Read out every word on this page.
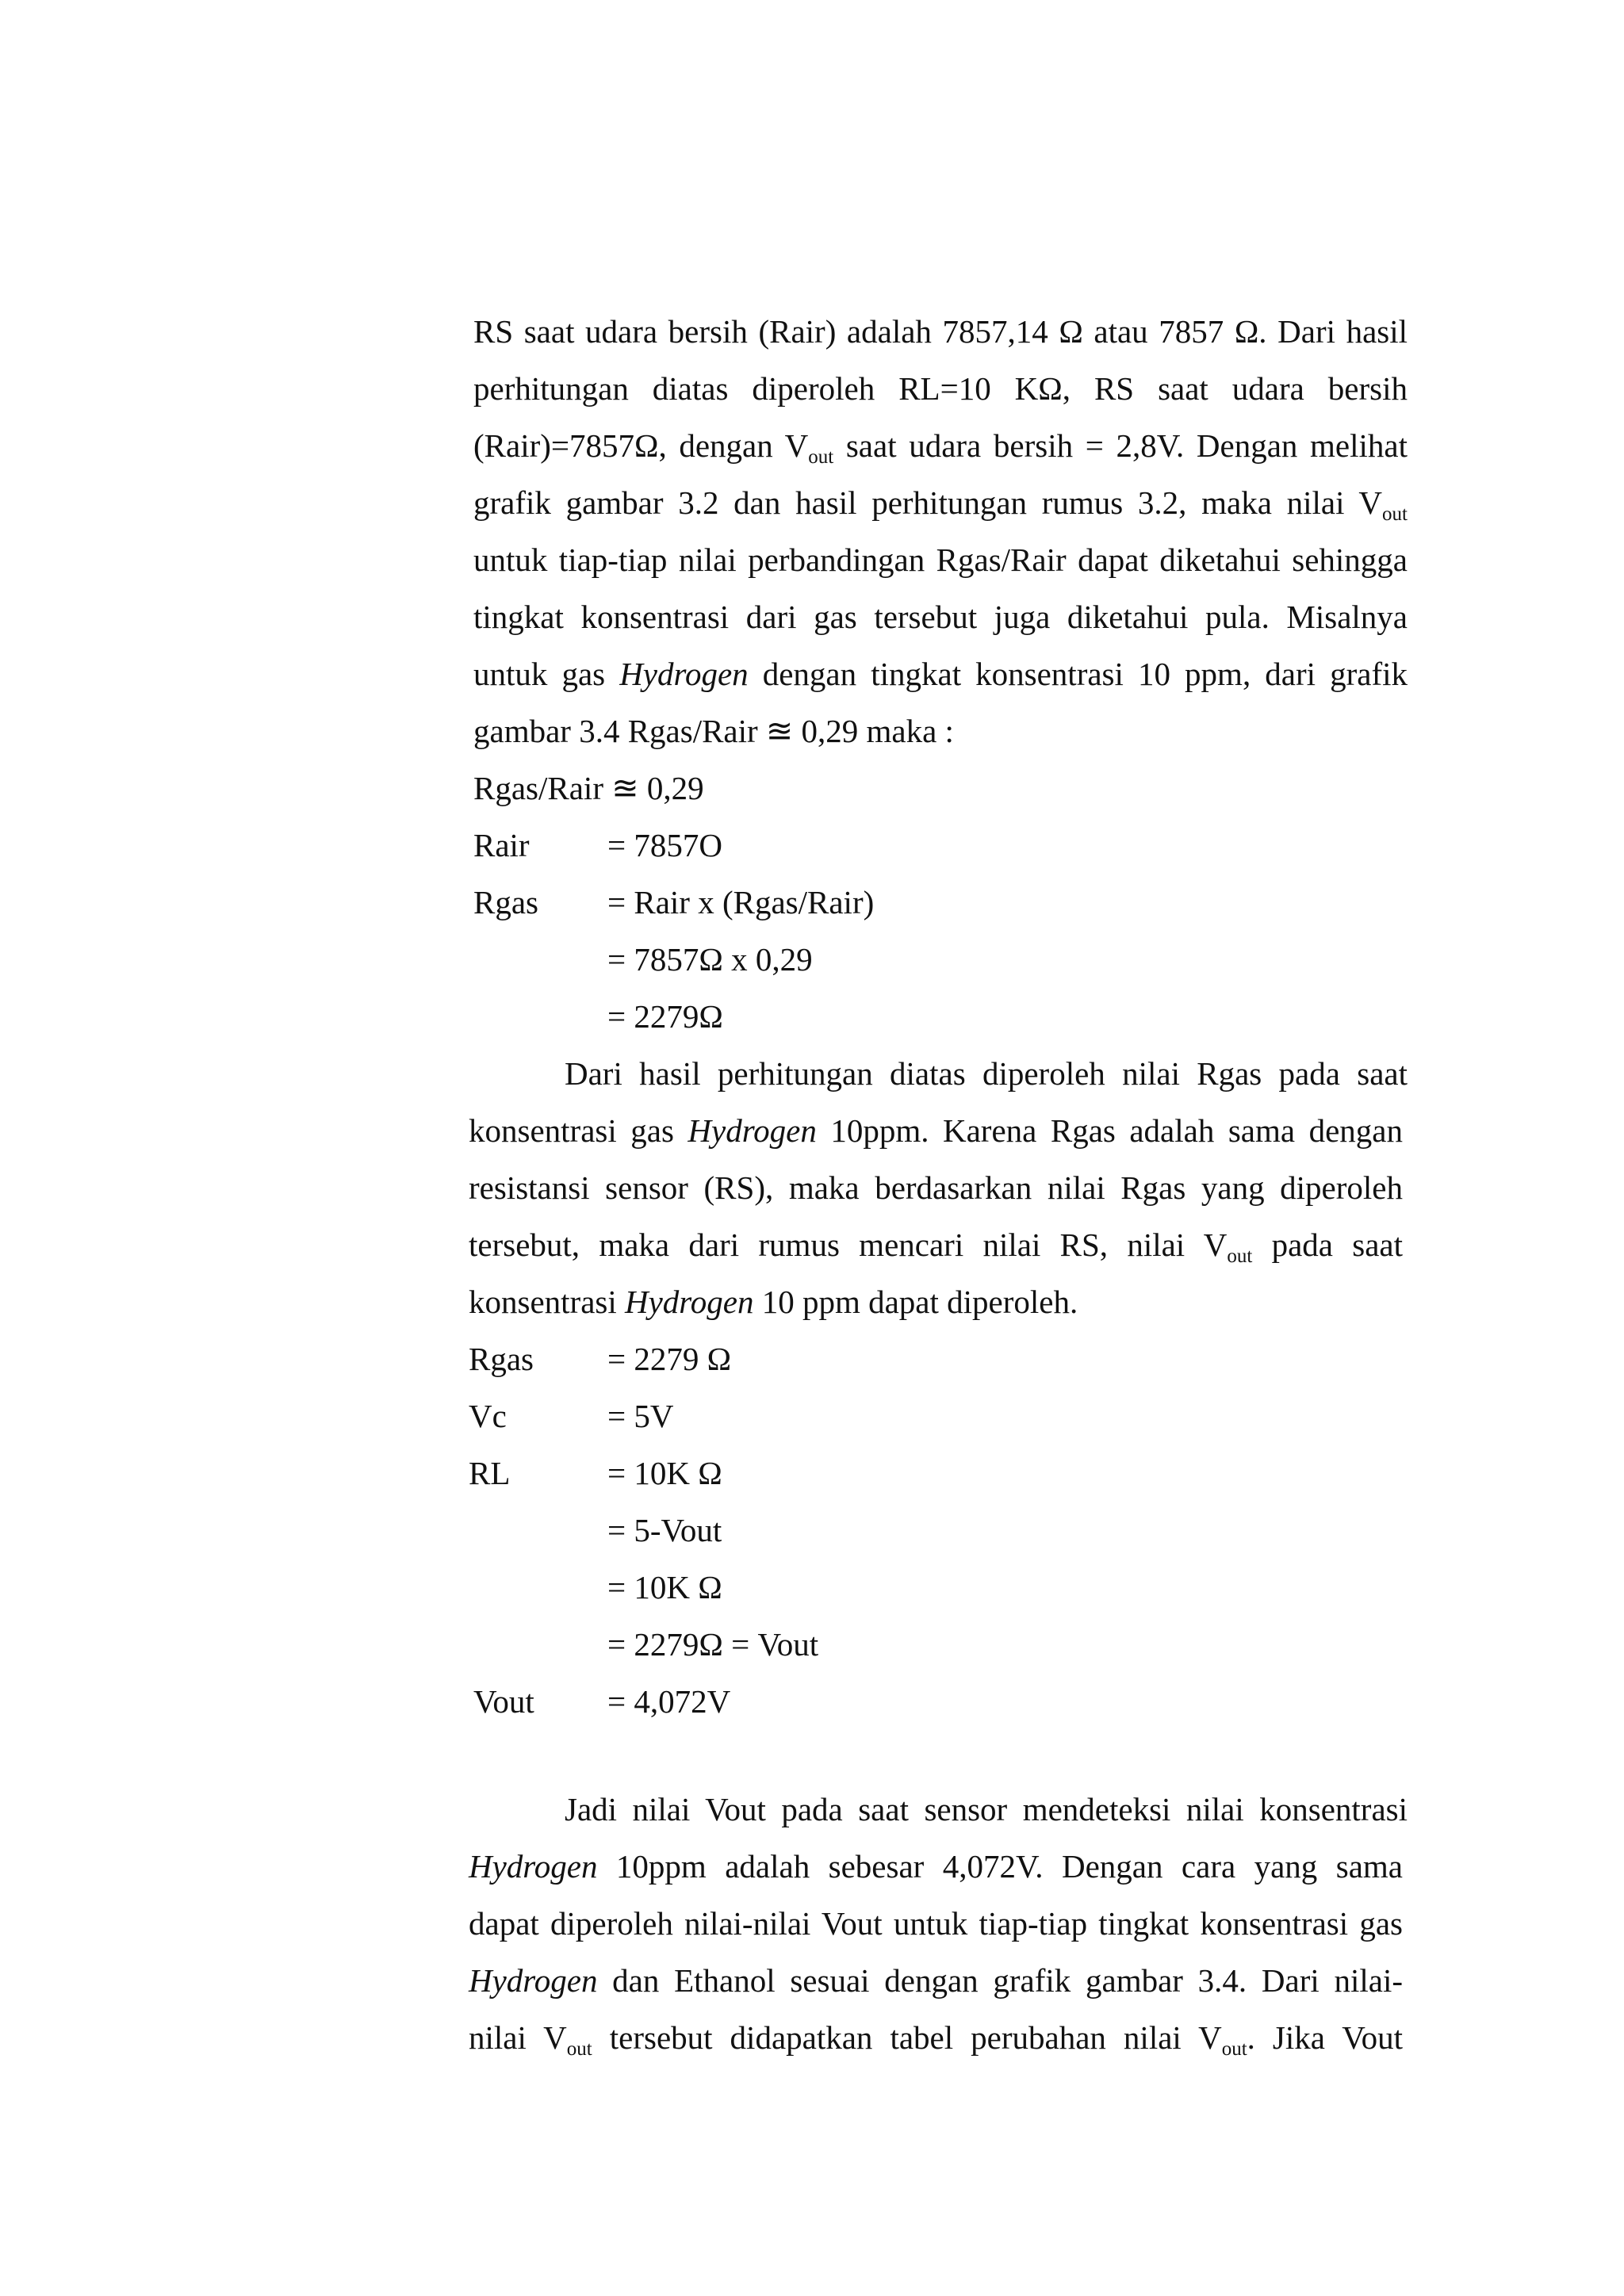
RS saat udara bersih (Rair) adalah 7857,14 Ω atau 7857 Ω. Dari hasil
perhitungan diatas diperoleh RL=10 KΩ, RS saat udara bersih
(Rair)=7857Ω, dengan $V_{out}$ saat udara bersih = 2,8V. Dengan melihat
grafik gambar 3.2 dan hasil perhitungan rumus 3.2, maka nilai $V_{out}$
untuk tiap-tiap nilai perbandingan Rgas/Rair dapat diketahui sehingga
tingkat konsentrasi dari gas tersebut juga diketahui pula. Misalnya
untuk gas Hydrogen dengan tingkat konsentrasi 10 ppm, dari grafik
gambar 3.4 Rgas/Rair ≊ 0,29 maka :
Rgas/Rair ≊ 0,29
Rair = 7857O
Rgas = Rair x (Rgas/Rair)
= 7857Ω x 0,29
= 2279Ω
Dari hasil perhitungan diatas diperoleh nilai Rgas pada saat
konsentrasi gas Hydrogen 10ppm. Karena Rgas adalah sama dengan
resistansi sensor (RS), maka berdasarkan nilai Rgas yang diperoleh
tersebut, maka dari rumus mencari nilai RS, nilai $V_{out}$ pada saat
konsentrasi Hydrogen 10 ppm dapat diperoleh.
Rgas = 2279 Ω
Vc	= 5V
RL	= 10K Ω
= 5-Vout
= 10K Ω
= 2279Ω = Vout
Vout = 4,072V
Jadi nilai Vout pada saat sensor mendeteksi nilai konsentrasi
Hydrogen 10ppm adalah sebesar 4,072V. Dengan cara yang sama
dapat diperoleh nilai-nilai Vout untuk tiap-tiap tingkat konsentrasi gas
Hydrogen dan Ethanol sesuai dengan grafik gambar 3.4. Dari nilai-
nilai $V_{out}$ tersebut didapatkan tabel perubahan nilai $V_{out}$. Jika Vout
